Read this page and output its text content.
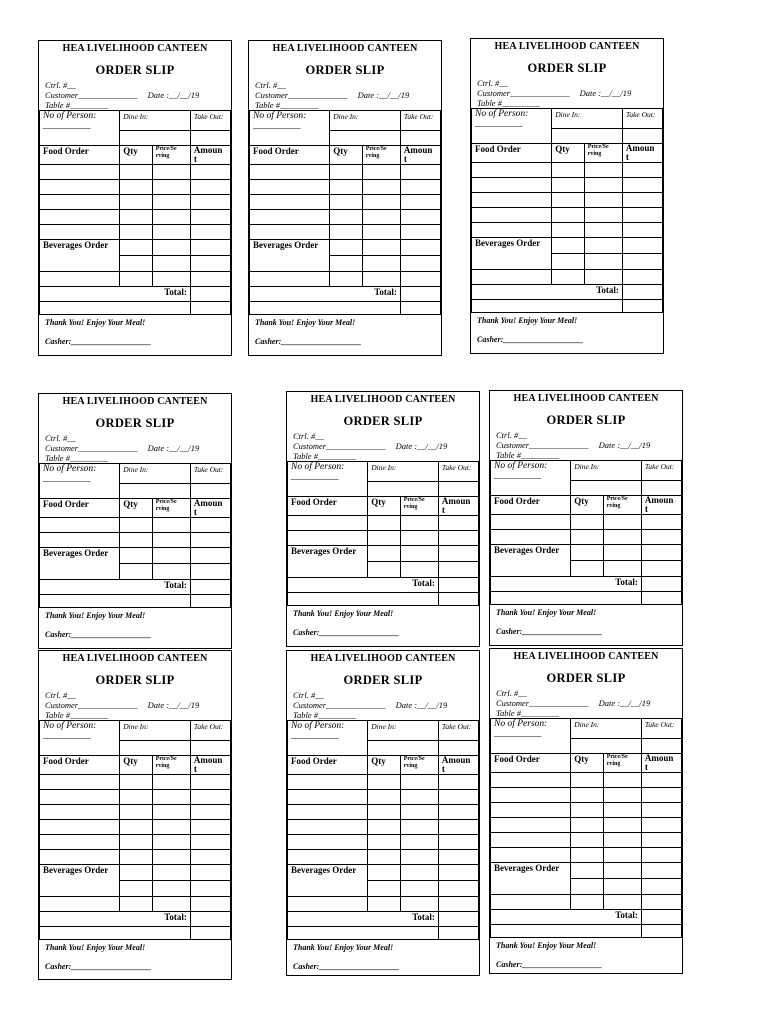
HEA LIVELIHOOD CANTEEN
ORDER SLIP
Ctrl. #__
Customer______________ Date :__/__/19
Table #_________
No of Person:
__________	Dine In:		Take Out:

Food Order	Qty	Price/Se rving	Amoun t

Beverages Order			

Total:			

Thank You! Enjoy Your Meal!
Casher:____________________
HEA LIVELIHOOD CANTEEN
ORDER SLIP
Ctrl. #__
Customer______________ Date :__/__/19
Table #_________
No of Person:
__________	Dine In:		Take Out:

Food Order	Qty	Price/Se rving	Amoun t

Beverages Order			

Total:			

Thank You! Enjoy Your Meal!
Casher:____________________
HEA LIVELIHOOD CANTEEN
ORDER SLIP
Ctrl. #__
Customer______________ Date :__/__/19
Table #_________
No of Person:
__________	Dine In:		Take Out:

Food Order	Qty	Price/Se rving	Amoun t

Beverages Order			

Total:			

Thank You! Enjoy Your Meal!
Casher:____________________
HEA LIVELIHOOD CANTEEN
ORDER SLIP
Ctrl. #__
Customer______________ Date :__/__/19
Table #_________
No of Person:
__________	Dine In:		Take Out:

Food Order	Qty	Price/Se rving	Amoun t

Beverages Order			

Total:			

Thank You! Enjoy Your Meal!
Casher:____________________
HEA LIVELIHOOD CANTEEN
ORDER SLIP
Ctrl. #__
Customer______________ Date :__/__/19
Table #_________
No of Person:
__________	Dine In:		Take Out:

Food Order	Qty	Price/Se rving	Amoun t

Beverages Order			

Total:			

Thank You! Enjoy Your Meal!
Casher:____________________
HEA LIVELIHOOD CANTEEN
ORDER SLIP
Ctrl. #__
Customer______________ Date :__/__/19
Table #_________
No of Person:
__________	Dine In:		Take Out:

Food Order	Qty	Price/Se rving	Amoun t

Beverages Order			

Total:			

Thank You! Enjoy Your Meal!
Casher:____________________
HEA LIVELIHOOD CANTEEN
ORDER SLIP
Ctrl. #__
Customer______________ Date :__/__/19
Table #_________
No of Person:
__________	Dine In:		Take Out:

Food Order	Qty	Price/Se rving	Amoun t

Beverages Order			

Total:			

Thank You! Enjoy Your Meal!
Casher:____________________
HEA LIVELIHOOD CANTEEN
ORDER SLIP
Ctrl. #__
Customer______________ Date :__/__/19
Table #_________
No of Person:
__________	Dine In:		Take Out:

Food Order	Qty	Price/Se rving	Amoun t

Beverages Order			

Total:			

Thank You! Enjoy Your Meal!
Casher:____________________
HEA LIVELIHOOD CANTEEN
ORDER SLIP
Ctrl. #__
Customer______________ Date :__/__/19
Table #_________
No of Person:
__________	Dine In:		Take Out:

Food Order	Qty	Price/Se rving	Amoun t

Beverages Order			

Total:			

Thank You! Enjoy Your Meal!
Casher:____________________
